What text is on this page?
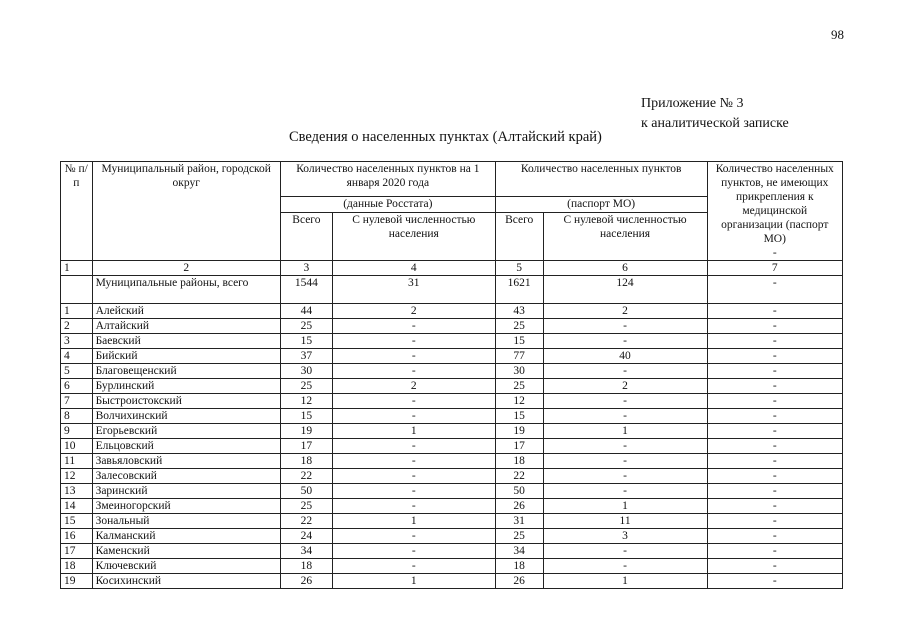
98
Приложение № 3
к аналитической записке
Сведения о населенных пунктах (Алтайский край)
№ п/п	Муниципальный район, городской округ	Количество населенных пунктов на 1 января 2020 года		Количество населенных пунктов		Количество населенных пунктов, не имеющих прикрепления к медицинской организации (паспорт МО)
-

		(данные Росстата)		(паспорт МО)		
		Всего	С нулевой численностью населения	Всего	С нулевой численностью населения	
1	2	3	4	5	6	7
	Муниципальные районы, всего	1544	31	1621	124	-
1	Алейский	44	2	43	2	-
2	Алтайский	25	-	25	-	-
3	Баевский	15	-	15	-	-
4	Бийский	37	-	77	40	-
5	Благовещенский	30	-	30	-	-
6	Бурлинский	25	2	25	2	-
7	Быстроистокский	12	-	12	-	-
8	Волчихинский	15	-	15	-	-
9	Егорьевский	19	1	19	1	-
10	Ельцовский	17	-	17	-	-
11	Завьяловский	18	-	18	-	-
12	Залесовский	22	-	22	-	-
13	Заринский	50	-	50	-	-
14	Змеиногорский	25	-	26	1	-
15	Зональный	22	1	31	11	-
16	Калманский	24	-	25	3	-
17	Каменский	34	-	34	-	-
18	Ключевский	18	-	18	-	-
19	Косихинский	26	1	26	1	-
